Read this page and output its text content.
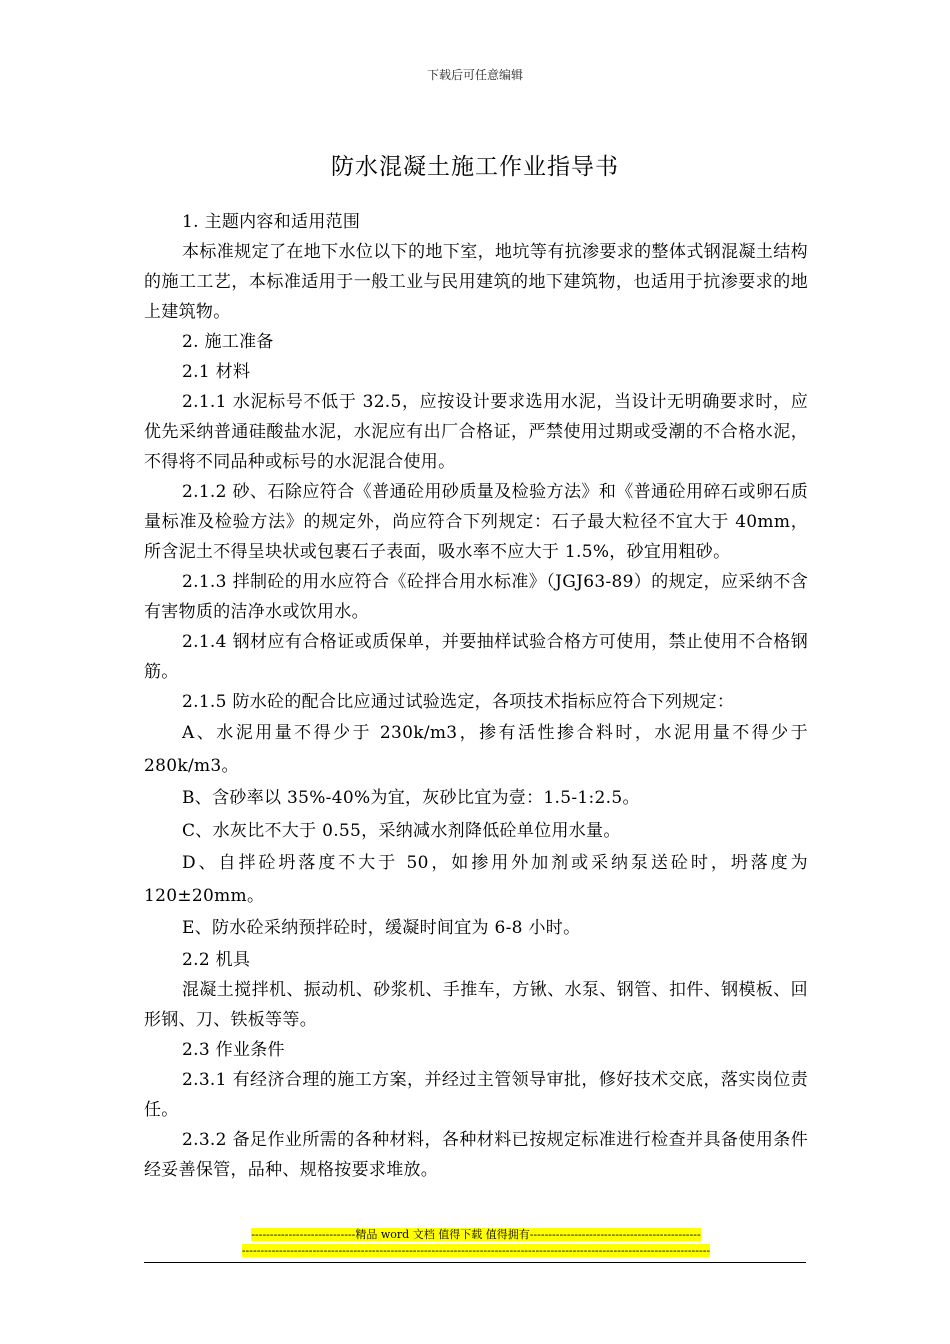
下载后可任意编辑
防水混凝土施工作业指导书

1. 主题内容和适用范围

本标准规定了在地下水位以下的地下室，地坑等有抗渗要求的整体式钢混凝土结构的施工工艺，本标准适用于一般工业与民用建筑的地下建筑物，也适用于抗渗要求的地上建筑物。

2. 施工准备

2.1 材料

2.1.1 水泥标号不低于 32.5，应按设计要求选用水泥，当设计无明确要求时，应优先采纳普通硅酸盐水泥，水泥应有出厂合格证，严禁使用过期或受潮的不合格水泥，不得将不同品种或标号的水泥混合使用。

2.1.2 砂、石除应符合《普通砼用砂质量及检验方法》和《普通砼用碎石或卵石质量标准及检验方法》的规定外，尚应符合下列规定：石子最大粒径不宜大于 40mm，所含泥土不得呈块状或包裹石子表面，吸水率不应大于 1.5%，砂宜用粗砂。

2.1.3 拌制砼的用水应符合《砼拌合用水标准》（JGJ63-89）的规定，应采纳不含有害物质的洁净水或饮用水。

2.1.4 钢材应有合格证或质保单，并要抽样试验合格方可使用，禁止使用不合格钢筋。

2.1.5 防水砼的配合比应通过试验选定，各项技术指标应符合下列规定：

A、水泥用量不得少于 230k/m3，掺有活性掺合料时，水泥用量不得少于 280k/m3。

B、含砂率以 35%-40%为宜，灰砂比宜为壹：1.5-1:2.5。

C、水灰比不大于 0.55，采纳减水剂降低砼单位用水量。

D、自拌砼坍落度不大于 50，如掺用外加剂或采纳泵送砼时，坍落度为 120±20mm。

E、防水砼采纳预拌砼时，缓凝时间宜为 6-8 小时。

2.2 机具

混凝土搅拌机、振动机、砂浆机、手推车，方锹、水泵、钢管、扣件、钢模板、回形钢、刀、铁板等等。

2.3 作业条件

2.3.1 有经济合理的施工方案，并经过主管领导审批，修好技术交底，落实岗位责任。

2.3.2 备足作业所需的各种材料，各种材料已按规定标准进行检查并具备使用条件经妥善保管，品种、规格按要求堆放。

----------------------------精品 word 文档 值得下载 值得拥有----------------------------------------------
------------------------------------------------------------------------------------------------------------------------------
